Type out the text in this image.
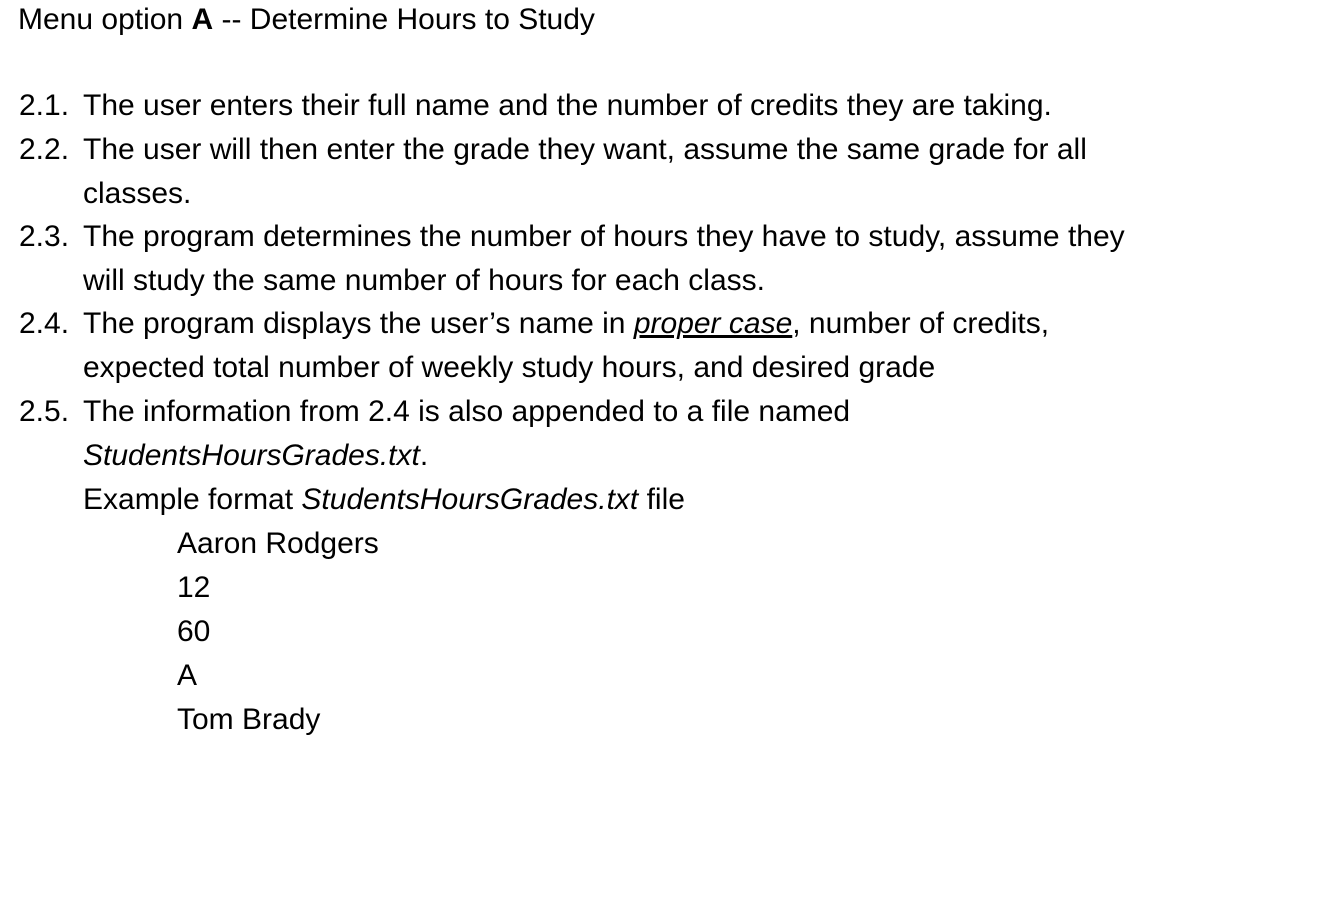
Menu option A -- Determine Hours to Study
2.1. The user enters their full name and the number of credits they are taking.
2.2. The user will then enter the grade they want, assume the same grade for all
classes.
2.3. The program determines the number of hours they have to study, assume they
will study the same number of hours for each class.
2.4. The program displays the user’s name in proper case, number of credits,
expected total number of weekly study hours, and desired grade
2.5. The information from 2.4 is also appended to a file named
StudentsHoursGrades.txt.
Example format StudentsHoursGrades.txt file
Aaron Rodgers
12
60
A
Tom Brady
